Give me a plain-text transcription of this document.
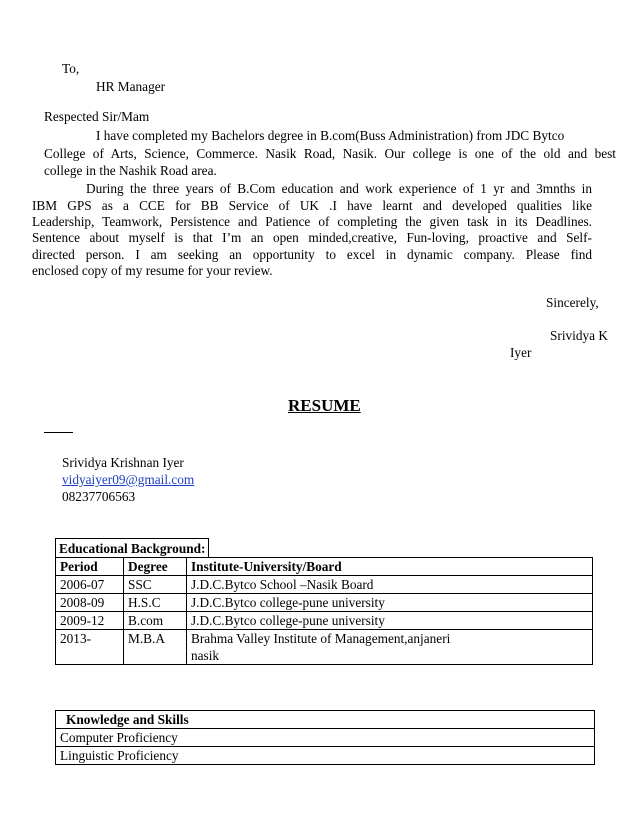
To,
HR Manager
Respected Sir/Mam
I have completed my Bachelors degree in B.com(Buss Administration) from JDC Bytco
College of Arts, Science, Commerce. Nasik Road, Nasik. Our college is one of the old and best
college in the Nashik Road area.
During the three years of B.Com education and work experience of 1 yr and 3mnths in
IBM GPS as a CCE for BB Service of UK .I have learnt and developed qualities like
Leadership, Teamwork, Persistence and Patience of completing the given task in its Deadlines.
Sentence about myself is that I’m an open minded,creative, Fun-loving, proactive and Self-
directed person. I am seeking an opportunity to excel in dynamic company. Please find
enclosed copy of my resume for your review.
Sincerely,
Srividya K
Iyer
RESUME
Srividya Krishnan Iyer
vidyaiyer09@gmail.com
08237706563
Educational Background:
Period	Degree	Institute-University/Board
2006-07	SSC	J.D.C.Bytco School –Nasik Board
2008-09	H.S.C	J.D.C.Bytco college-pune university
2009-12	B.com	J.D.C.Bytco college-pune university
2013-	M.B.A	Brahma Valley Institute of Management,anjaneri nasik
Knowledge and Skills
Computer Proficiency
Linguistic Proficiency
